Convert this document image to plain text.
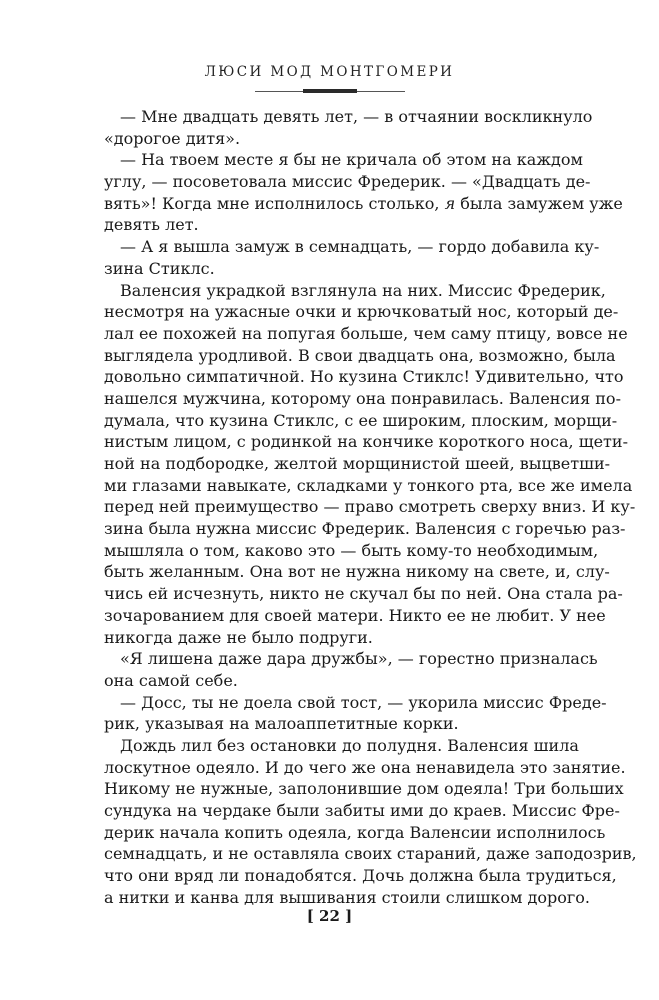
ЛЮСИ МОД МОНТГОМЕРИ
— Мне двадцать девять лет, — в отчаянии воскликнуло
«дорогое дитя».
— На твоем месте я бы не кричала об этом на каждом
углу, — посоветовала миссис Фредерик. — «Двадцать де-
вять»! Когда мне исполнилось столько, я была замужем уже
девять лет.
— А я вышла замуж в семнадцать, — гордо добавила ку-
зина Стиклс.
Валенсия украдкой взглянула на них. Миссис Фредерик,
несмотря на ужасные очки и крючковатый нос, который де-
лал ее похожей на попугая больше, чем саму птицу, вовсе не
выглядела уродливой. В свои двадцать она, возможно, была
довольно симпатичной. Но кузина Стиклс! Удивительно, что
нашелся мужчина, которому она понравилась. Валенсия по-
думала, что кузина Стиклс, с ее широким, плоским, морщи-
нистым лицом, с родинкой на кончике короткого носа, щети-
ной на подбородке, желтой морщинистой шеей, выцветши-
ми глазами навыкате, складками у тонкого рта, все же имела
перед ней преимущество — право смотреть сверху вниз. И ку-
зина была нужна миссис Фредерик. Валенсия с горечью раз-
мышляла о том, каково это — быть кому-то необходимым,
быть желанным. Она вот не нужна никому на свете, и, слу-
чись ей исчезнуть, никто не скучал бы по ней. Она стала ра-
зочарованием для своей матери. Никто ее не любит. У нее
никогда даже не было подруги.
«Я лишена даже дара дружбы», — горестно призналась
она самой себе.
— Досс, ты не доела свой тост, — укорила миссис Фреде-
рик, указывая на малоаппетитные корки.
Дождь лил без остановки до полудня. Валенсия шила
лоскутное одеяло. И до чего же она ненавидела это занятие.
Никому не нужные, заполонившие дом одеяла! Три больших
сундука на чердаке были забиты ими до краев. Миссис Фре-
дерик начала копить одеяла, когда Валенсии исполнилось
семнадцать, и не оставляла своих стараний, даже заподозрив,
что они вряд ли понадобятся. Дочь должна была трудиться,
а нитки и канва для вышивания стоили слишком дорого.
[ 22 ]
